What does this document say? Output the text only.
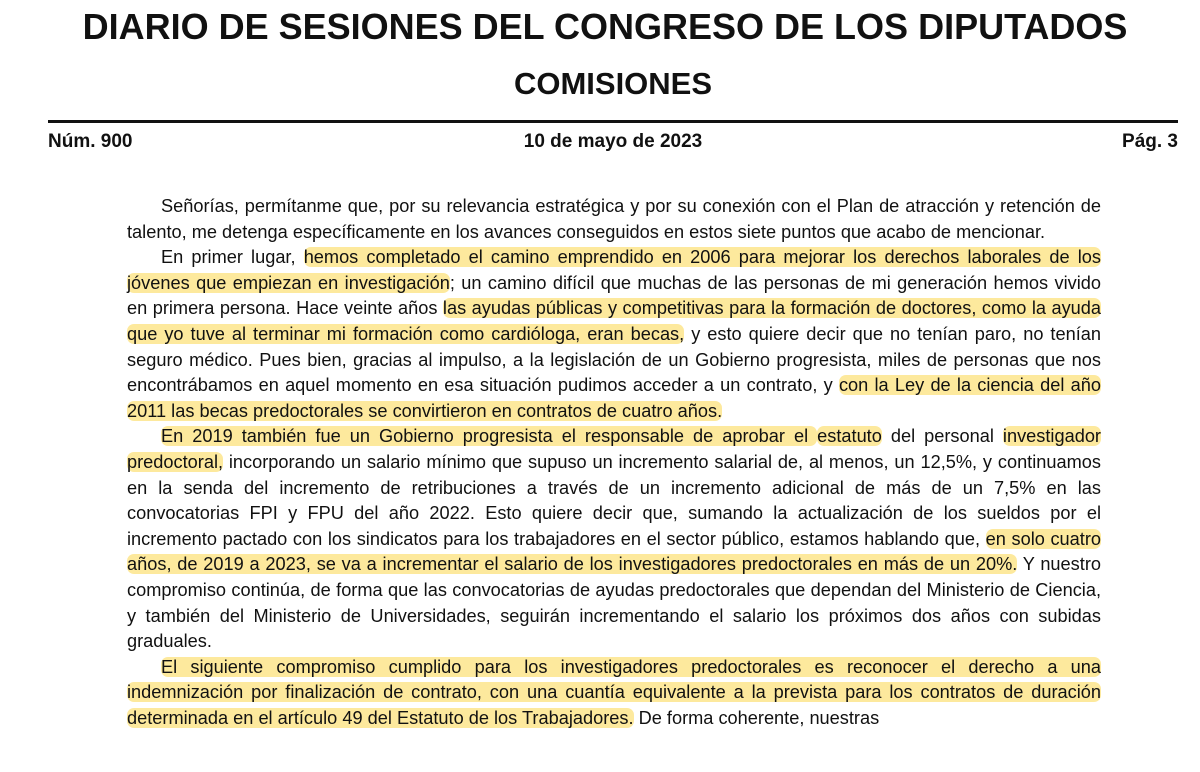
DIARIO DE SESIONES DEL CONGRESO DE LOS DIPUTADOS
COMISIONES
Núm. 900	10 de mayo de 2023	Pág. 3

Señorías, permítanme que, por su relevancia estratégica y por su conexión con el Plan de atracción y retención de talento, me detenga específicamente en los avances conseguidos en estos siete puntos que acabo de mencionar.

En primer lugar, hemos completado el camino emprendido en 2006 para mejorar los derechos laborales de los jóvenes que empiezan en investigación; un camino difícil que muchas de las personas de mi generación hemos vivido en primera persona. Hace veinte años las ayudas públicas y competitivas para la formación de doctores, como la ayuda que yo tuve al terminar mi formación como cardióloga, eran becas, y esto quiere decir que no tenían paro, no tenían seguro médico. Pues bien, gracias al impulso, a la legislación de un Gobierno progresista, miles de personas que nos encontrábamos en aquel momento en esa situación pudimos acceder a un contrato, y con la Ley de la ciencia del año 2011 las becas predoctorales se convirtieron en contratos de cuatro años.

En 2019 también fue un Gobierno progresista el responsable de aprobar el estatuto del personal investigador predoctoral, incorporando un salario mínimo que supuso un incremento salarial de, al menos, un 12,5%, y continuamos en la senda del incremento de retribuciones a través de un incremento adicional de más de un 7,5% en las convocatorias FPI y FPU del año 2022. Esto quiere decir que, sumando la actualización de los sueldos por el incremento pactado con los sindicatos para los trabajadores en el sector público, estamos hablando que, en solo cuatro años, de 2019 a 2023, se va a incrementar el salario de los investigadores predoctorales en más de un 20%. Y nuestro compromiso continúa, de forma que las convocatorias de ayudas predoctorales que dependan del Ministerio de Ciencia, y también del Ministerio de Universidades, seguirán incrementando el salario los próximos dos años con subidas graduales.

El siguiente compromiso cumplido para los investigadores predoctorales es reconocer el derecho a una indemnización por finalización de contrato, con una cuantía equivalente a la prevista para los contratos de duración determinada en el artículo 49 del Estatuto de los Trabajadores. De forma coherente, nuestras
